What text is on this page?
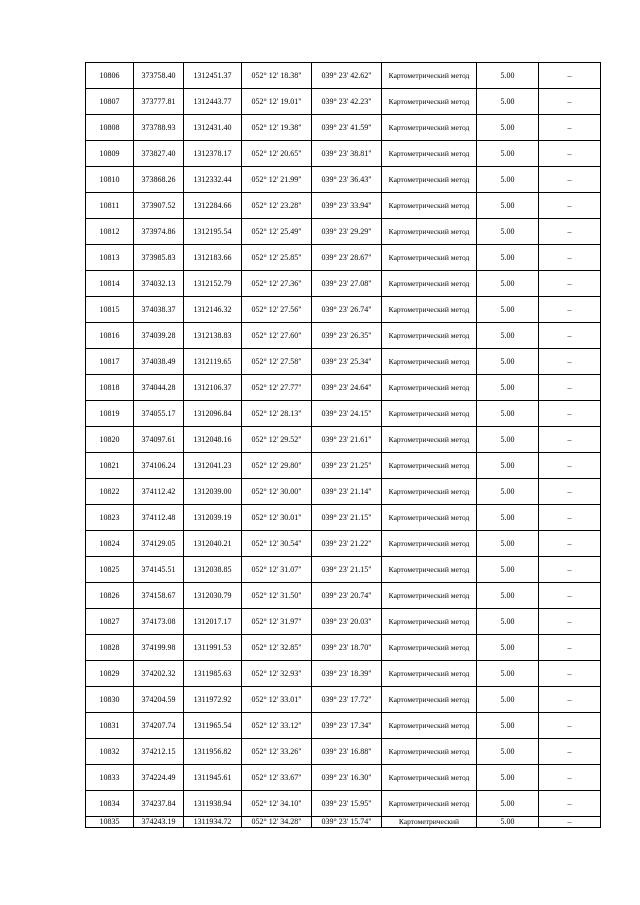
10806	373758.40	1312451.37	052° 12' 18.38"	039° 23' 42.62"	Картометрический метод	5.00	–
10807	373777.81	1312443.77	052° 12' 19.01"	039° 23' 42.23"	Картометрический метод	5.00	–
10808	373788.93	1312431.40	052° 12' 19.38"	039° 23' 41.59"	Картометрический метод	5.00	–
10809	373827.40	1312378.17	052° 12' 20.65"	039° 23' 38.81"	Картометрический метод	5.00	–
10810	373868.26	1312332.44	052° 12' 21.99"	039° 23' 36.43"	Картометрический метод	5.00	–
10811	373907.52	1312284.66	052° 12' 23.28"	039° 23' 33.94"	Картометрический метод	5.00	–
10812	373974.86	1312195.54	052° 12' 25.49"	039° 23' 29.29"	Картометрический метод	5.00	–
10813	373985.83	1312183.66	052° 12' 25.85"	039° 23' 28.67"	Картометрический метод	5.00	–
10814	374032.13	1312152.79	052° 12' 27.36"	039° 23' 27.08"	Картометрический метод	5.00	–
10815	374038.37	1312146.32	052° 12' 27.56"	039° 23' 26.74"	Картометрический метод	5.00	–
10816	374039.28	1312138.83	052° 12' 27.60"	039° 23' 26.35"	Картометрический метод	5.00	–
10817	374038.49	1312119.65	052° 12' 27.58"	039° 23' 25.34"	Картометрический метод	5.00	–
10818	374044.28	1312106.37	052° 12' 27.77"	039° 23' 24.64"	Картометрический метод	5.00	–
10819	374055.17	1312096.84	052° 12' 28.13"	039° 23' 24.15"	Картометрический метод	5.00	–
10820	374097.61	1312048.16	052° 12' 29.52"	039° 23' 21.61"	Картометрический метод	5.00	–
10821	374106.24	1312041.23	052° 12' 29.80"	039° 23' 21.25"	Картометрический метод	5.00	–
10822	374112.42	1312039.00	052° 12' 30.00"	039° 23' 21.14"	Картометрический метод	5.00	–
10823	374112.48	1312039.19	052° 12' 30.01"	039° 23' 21.15"	Картометрический метод	5.00	–
10824	374129.05	1312040.21	052° 12' 30.54"	039° 23' 21.22"	Картометрический метод	5.00	–
10825	374145.51	1312038.85	052° 12' 31.07"	039° 23' 21.15"	Картометрический метод	5.00	–
10826	374158.67	1312030.79	052° 12' 31.50"	039° 23' 20.74"	Картометрический метод	5.00	–
10827	374173.08	1312017.17	052° 12' 31.97"	039° 23' 20.03"	Картометрический метод	5.00	–
10828	374199.98	1311991.53	052° 12' 32.85"	039° 23' 18.70"	Картометрический метод	5.00	–
10829	374202.32	1311985.63	052° 12' 32.93"	039° 23' 18.39"	Картометрический метод	5.00	–
10830	374204.59	1311972.92	052° 12' 33.01"	039° 23' 17.72"	Картометрический метод	5.00	–
10831	374207.74	1311965.54	052° 12' 33.12"	039° 23' 17.34"	Картометрический метод	5.00	–
10832	374212.15	1311956.82	052° 12' 33.26"	039° 23' 16.88"	Картометрический метод	5.00	–
10833	374224.49	1311945.61	052° 12' 33.67"	039° 23' 16.30"	Картометрический метод	5.00	–
10834	374237.84	1311938.94	052° 12' 34.10"	039° 23' 15.95"	Картометрический метод	5.00	–
10835	374243.19	1311934.72	052° 12' 34.28"	039° 23' 15.74"	Картометрический	5.00	–
